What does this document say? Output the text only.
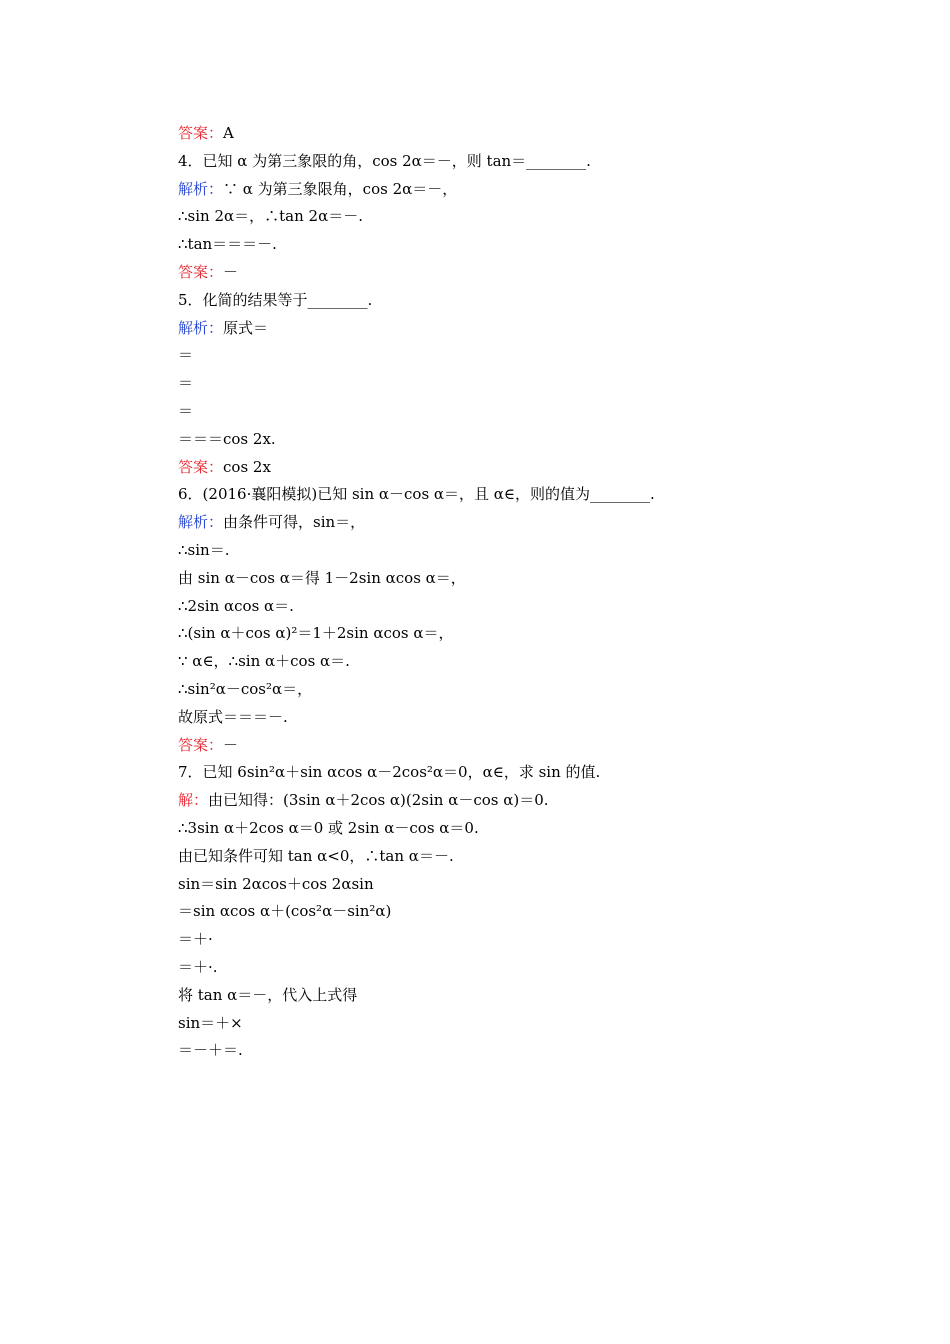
答案：A
4．已知 α 为第三象限的角，cos 2α＝－，则 tan＝________.
解析：∵ α 为第三象限角，cos 2α＝－，
∴sin 2α＝，∴tan 2α＝－.
∴tan＝＝＝－.
答案：－
5．化简的结果等于________.
解析：原式＝
＝
＝
＝
＝＝＝cos 2x.
答案：cos 2x
6．(2016·襄阳模拟)已知 sin α－cos α＝，且 α∈，则的值为________.
解析：由条件可得，sin＝，
∴sin＝.
由 sin α－cos α＝得 1－2sin αcos α＝，
∴2sin αcos α＝.
∴(sin α＋cos α)²＝1＋2sin αcos α＝，
∵ α∈，∴sin α＋cos α＝.
∴sin²α－cos²α＝，
故原式＝＝＝－.
答案：－
7．已知 6sin²α＋sin αcos α－2cos²α＝0，α∈，求 sin 的值.
解：由已知得：(3sin α＋2cos α)(2sin α－cos α)＝0.
∴3sin α＋2cos α＝0 或 2sin α－cos α＝0.
由已知条件可知 tan α<0，∴tan α＝－.
sin＝sin 2αcos＋cos 2αsin
＝sin αcos α＋(cos²α－sin²α)
＝＋·
＝＋·.
将 tan α＝－，代入上式得
sin＝＋×
＝－＋＝.
